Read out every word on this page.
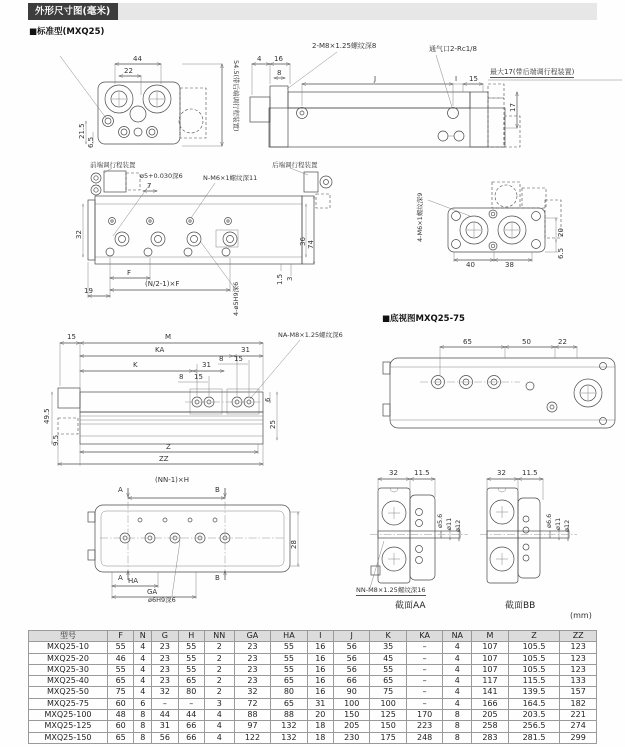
外形尺寸图(毫米)
■标准型(MXQ25)
■底视图MXQ25-75
(mm)
44
22
21.5
6.5
54.5(带后端调行程装置)
2-M8×1.25螺纹深8	通气口2-Rc1/8
最大17(带后端调行程装置)
4 16
8
J	I 15
17
前端调行程装置
ø5+0.030深6	N-M6×1螺纹深11
后端调行程装置
7
32
36 74
F
(N/2-1)×F
19	4-ø5H9深6
1.5 3
4-M6×1螺纹深9
40	38
20
6.5
15	M
KA	31
8 15
K	31
8 15
NA-M8×1.25螺纹深6
6
25
49.5
9.5
Z
ZZ
65	50	22
(NN-1)×H
A	B
A	B
HA
GA
28
ø6H9深6
32 11.5
ø5.6 ø11 ø12
NN-M8×1.25螺纹深16
截面AA
32 11.5
ø6.6 ø11 ø12
截面BB
型号	F	N	G	H	NN	GA	HA	I	J	K	KA	NA	M	Z	ZZ
MXQ25-10	55	4	23	55	2	23	55	16	56	35	–	4	107	105.5	123
MXQ25-20	46	4	23	55	2	23	55	16	56	45	–	4	107	105.5	123
MXQ25-30	55	4	23	55	2	23	55	16	56	55	–	4	107	105.5	123
MXQ25-40	65	4	23	65	2	23	65	16	66	65	–	4	117	115.5	133
MXQ25-50	75	4	32	80	2	32	80	16	90	75	–	4	141	139.5	157
MXQ25-75	60	6	–	–	3	72	65	31	100	100	–	4	166	164.5	182
MXQ25-100	48	8	44	44	4	88	88	20	150	125	170	8	205	203.5	221
MXQ25-125	60	8	31	66	4	97	132	18	205	150	223	8	258	256.5	274
MXQ25-150	65	8	56	66	4	122	132	18	230	175	248	8	283	281.5	299
